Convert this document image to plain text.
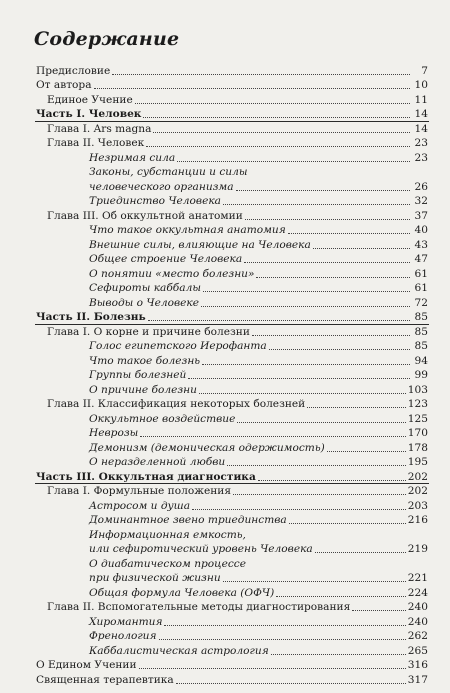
Содержание
Предисловие	7
От автора	10
Единое Учение	11
Часть I. Человек	14
Глава I. Ars magna	14
Глава II. Человек	23
Незримая сила	23
Законы, субстанции и силы
человеческого организма	26
Триединство Человека	32
Глава III. Об оккультной анатомии	37
Что такое оккультная анатомия	40
Внешние силы, влияющие на Человека	43
Общее строение Человека	47
О понятии «место болезни»	61
Сефироты каббалы	61
Выводы о Человеке	72
Часть II. Болезнь	85
Глава I. О корне и причине болезни	85
Голос египетского Иерофанта	85
Что такое болезнь	94
Группы болезней	99
О причине болезни	103
Глава II. Классификация некоторых болезней	123
Оккультное воздействие	125
Неврозы	170
Демонизм (демоническая одержимость)	178
О неразделенной любви	195
Часть III. Оккультная диагностика	202
Глава I. Формульные положения	202
Астросом и душа	203
Доминантное звено триединства	216
Информационная емкость,
или сефиротический уровень Человека	219
О диабатическом процессе
при физической жизни	221
Общая формула Человека (ОФЧ)	224
Глава II. Вспомогательные методы диагностирования	240
Хиромантия	240
Френология	262
Каббалистическая астрология	265
О Едином Учении	316
Священная терапевтика	317
